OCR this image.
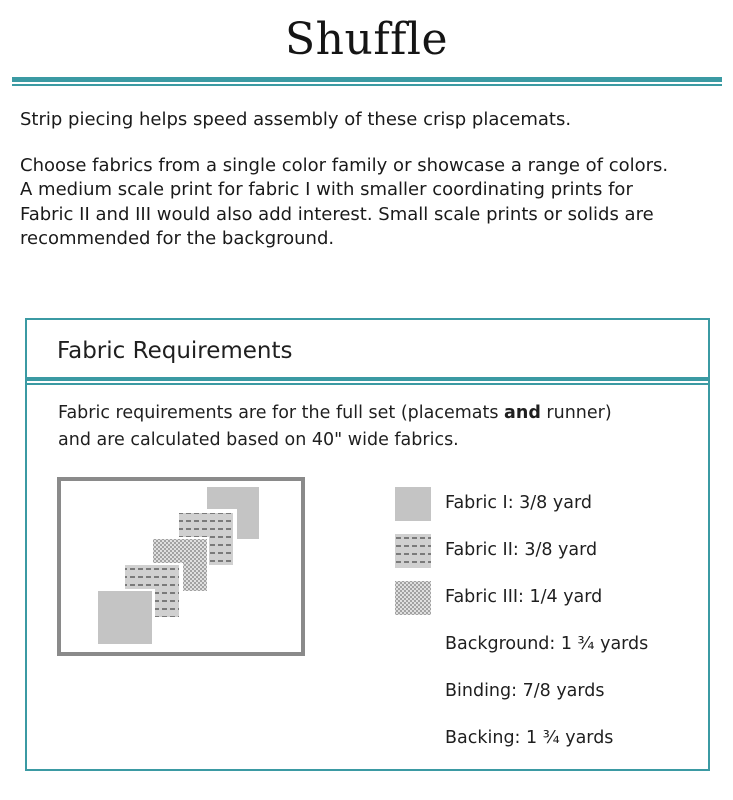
Shuffle

Strip piecing helps speed assembly of these crisp placemats.

Choose fabrics from a single color family or showcase a range of colors.
A medium scale print for fabric I with smaller coordinating prints for
Fabric II and III would also add interest. Small scale prints or solids are
recommended for the background.

Fabric Requirements
Fabric requirements are for the full set (placemats and runner)
and are calculated based on 40" wide fabrics.
Fabric I: 3/8 yard
Fabric II: 3/8 yard
Fabric III: 1/4 yard
Background: 1 ¾ yards
Binding: 7/8 yards
Backing: 1 ¾ yards
